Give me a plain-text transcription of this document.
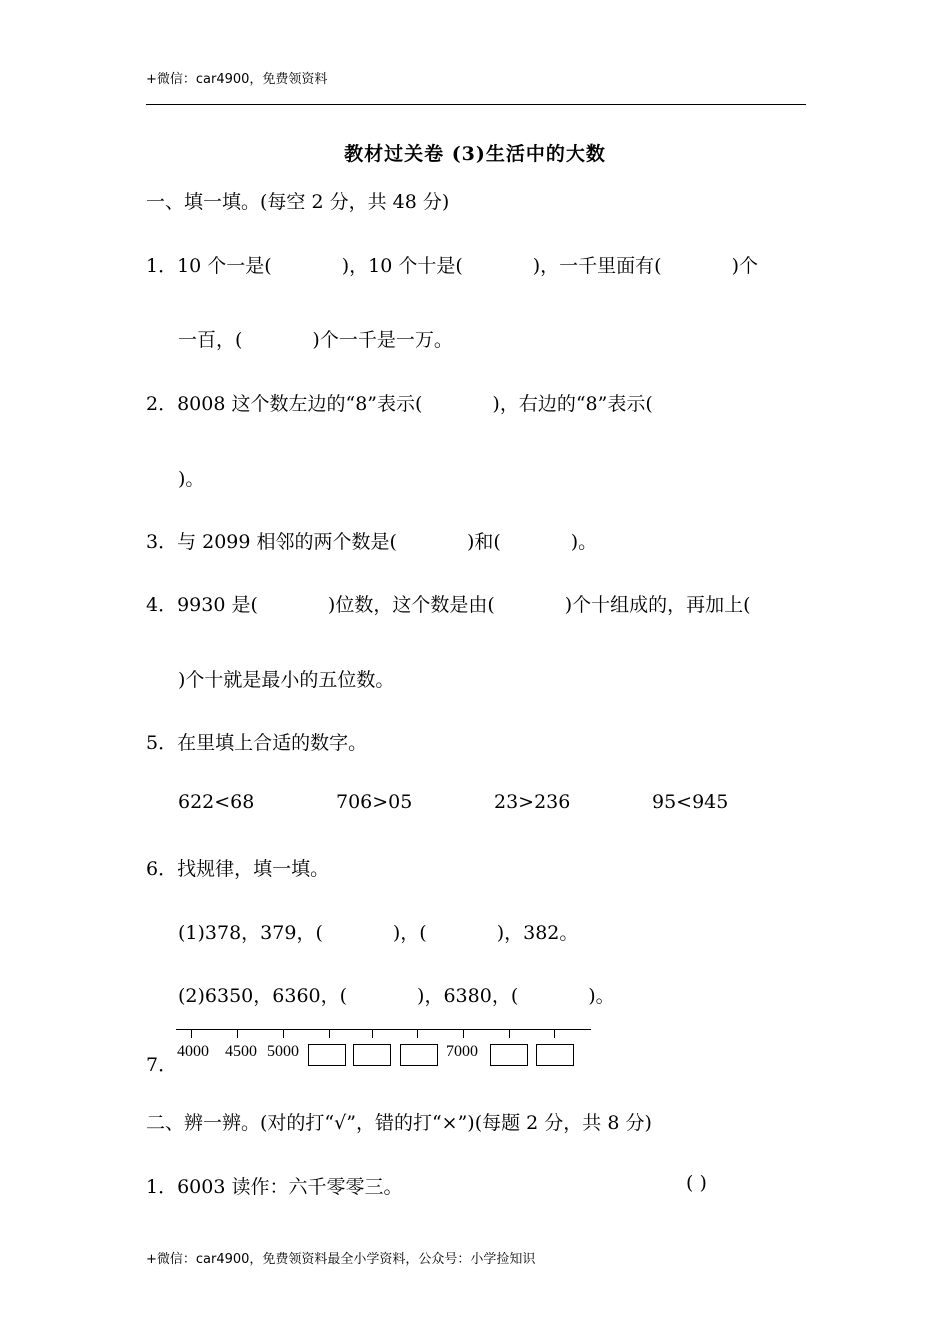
+微信：car4900，免费领资料
教材过关卷 (3)生活中的大数
一、填一填。(每空 2 分，共 48 分)
1．10 个一是(	)，10 个十是(	)，一千里面有(	)个
一百，(	)个一千是一万。
2．8008 这个数左边的“8”表示(	)，右边的“8”表示(
)。
3．与 2099 相邻的两个数是(	)和(	)。
4．9930 是(	)位数，这个数是由(	)个十组成的，再加上(
)个十就是最小的五位数。
5．在里填上合适的数字。
622<68	706>05	23>236	95<945
6．找规律，填一填。
(1)378，379，(	)，(	)，382。
(2)6350，6360，(	)，6380，(	)。
7．
4000 4500 5000	7000
二、辨一辨。(对的打“√”，错的打“×”)(每题 2 分，共 8 分)
1．6003 读作：六千零零三。	( )
+微信：car4900，免费领资料最全小学资料，公众号：小学捡知识
